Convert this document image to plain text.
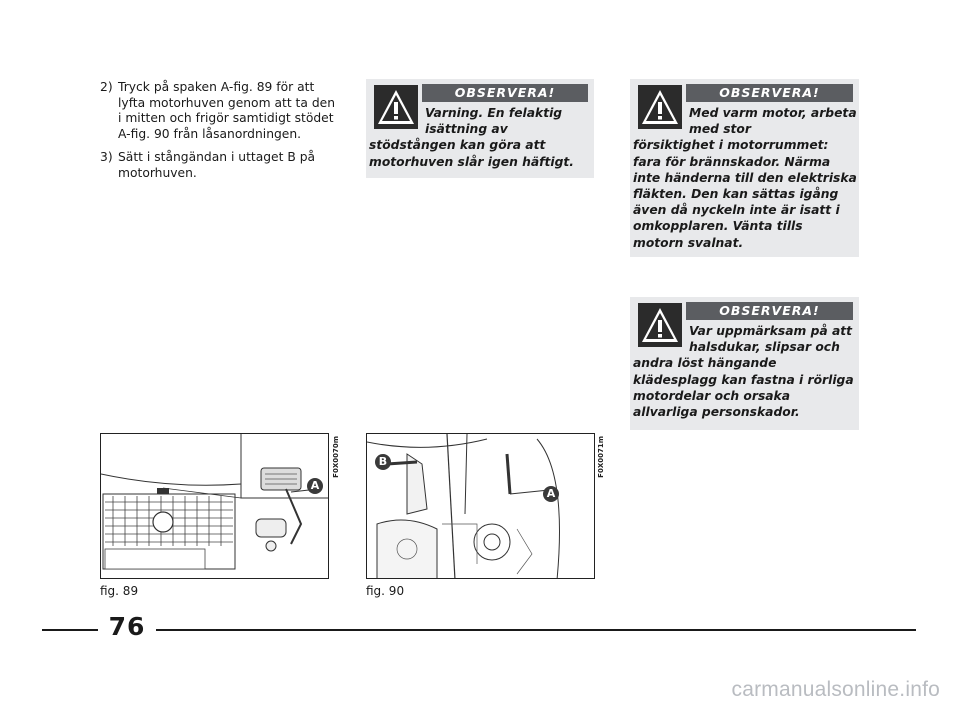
2) Tryck på spaken A-fig. 89 för att lyfta motorhuven genom att ta den i mitten och frigör samtidigt stödet A-fig. 90 från låsanordningen.
3) Sätt i stångändan i uttaget B på motorhuven.
OBSERVERA!
Varning. En felaktig isättning av
stödstången kan göra att motorhuven slår igen häftigt.
OBSERVERA!
Med varm motor, arbeta med stor
försiktighet i motorrummet: fara för brännskador. Närma inte händerna till den elektriska fläkten. Den kan sättas igång även då nyckeln inte är isatt i omkopplaren. Vänta tills motorn svalnat.
OBSERVERA!
Var uppmärksam på att halsdukar, slipsar och
andra löst hängande klädesplagg kan fastna i rörliga motordelar och orsaka allvarliga personskador.
A
F0X0070m
fig. 89
B
A
F0X0071m
fig. 90
76
carmanualsonline.info
